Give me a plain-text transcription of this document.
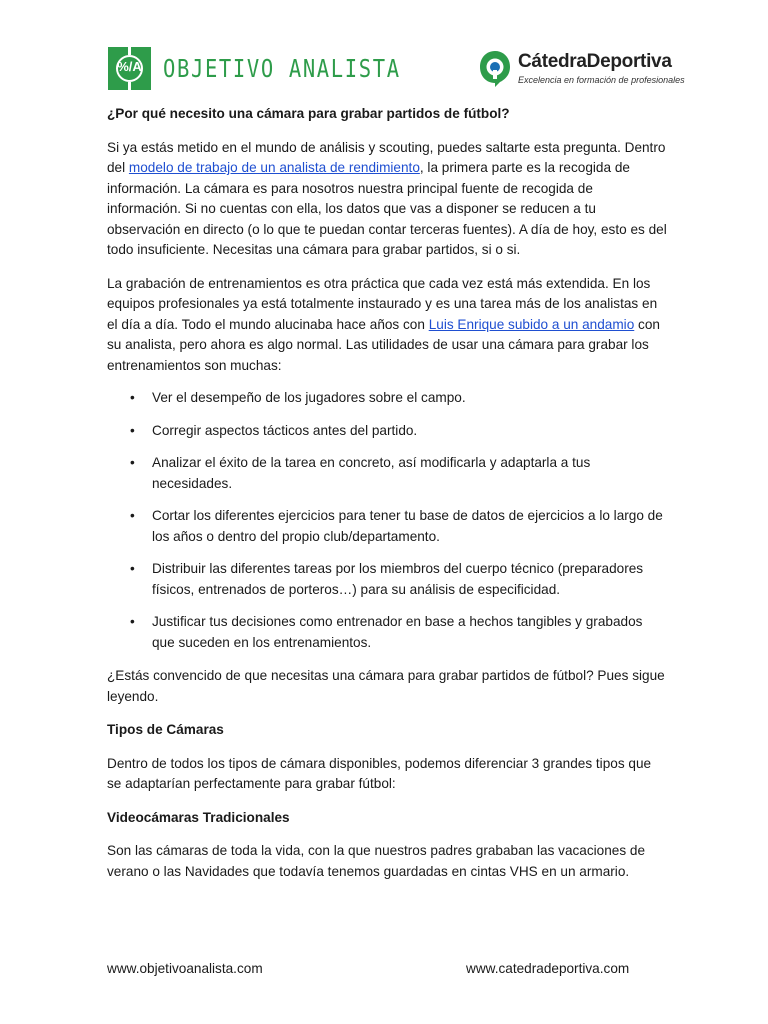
%/A OBJETIVO ANALISTA	CátedraDeportiva
Excelencia en formación de profesionales

¿Por qué necesito una cámara para grabar partidos de fútbol?

Si ya estás metido en el mundo de análisis y scouting, puedes saltarte esta pregunta. Dentro del modelo de trabajo de un analista de rendimiento, la primera parte es la recogida de información. La cámara es para nosotros nuestra principal fuente de recogida de información. Si no cuentas con ella, los datos que vas a disponer se reducen a tu observación en directo (o lo que te puedan contar terceras fuentes). A día de hoy, esto es del todo insuficiente. Necesitas una cámara para grabar partidos, si o si.

La grabación de entrenamientos es otra práctica que cada vez está más extendida. En los equipos profesionales ya está totalmente instaurado y es una tarea más de los analistas en el día a día. Todo el mundo alucinaba hace años con Luis Enrique subido a un andamio con su analista, pero ahora es algo normal. Las utilidades de usar una cámara para grabar los entrenamientos son muchas:

• Ver el desempeño de los jugadores sobre el campo.
• Corregir aspectos tácticos antes del partido.
• Analizar el éxito de la tarea en concreto, así modificarla y adaptarla a tus necesidades.
• Cortar los diferentes ejercicios para tener tu base de datos de ejercicios a lo largo de los años o dentro del propio club/departamento.
• Distribuir las diferentes tareas por los miembros del cuerpo técnico (preparadores físicos, entrenados de porteros…) para su análisis de especificidad.
• Justificar tus decisiones como entrenador en base a hechos tangibles y grabados que suceden en los entrenamientos.

¿Estás convencido de que necesitas una cámara para grabar partidos de fútbol? Pues sigue leyendo.

Tipos de Cámaras

Dentro de todos los tipos de cámara disponibles, podemos diferenciar 3 grandes tipos que se adaptarían perfectamente para grabar fútbol:

Videocámaras Tradicionales

Son las cámaras de toda la vida, con la que nuestros padres grababan las vacaciones de verano o las Navidades que todavía tenemos guardadas en cintas VHS en un armario.

www.objetivoanalista.com	www.catedradeportiva.com
